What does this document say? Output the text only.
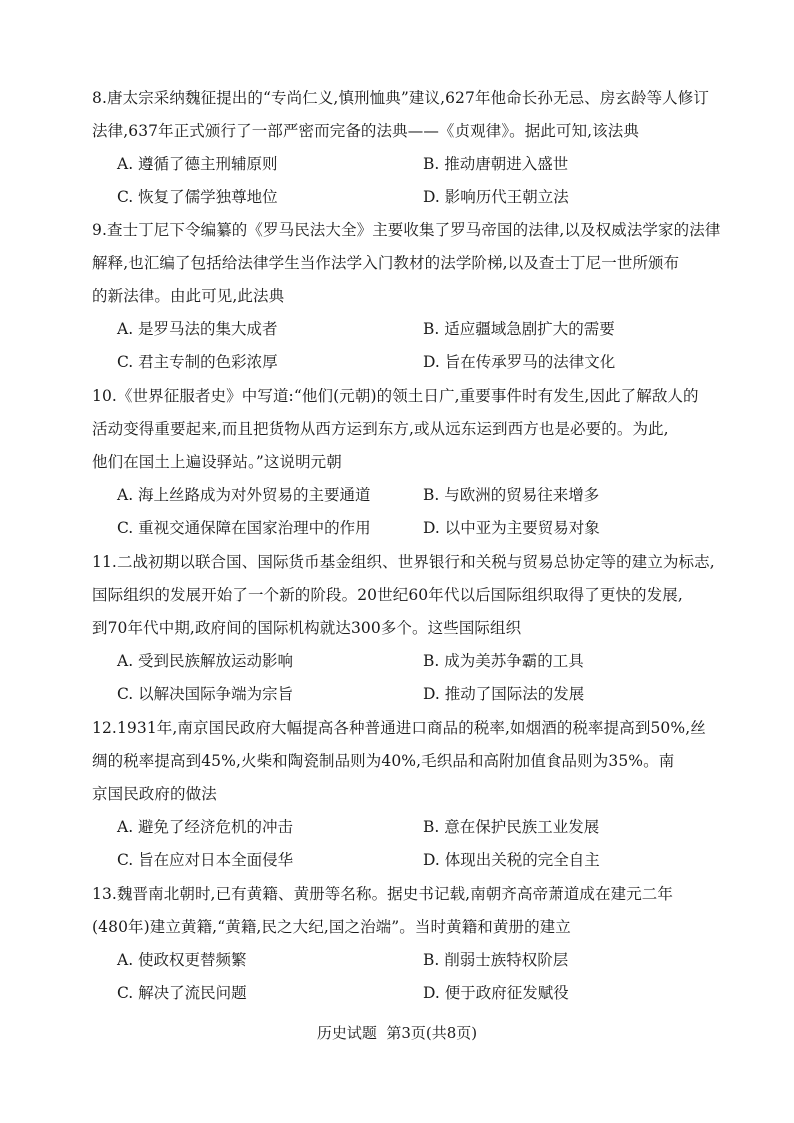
8.唐太宗采纳魏征提出的“专尚仁义,慎刑恤典”建议,627年他命长孙无忌、房玄龄等人修订
法律,637年正式颁行了一部严密而完备的法典——《贞观律》。据此可知,该法典
A. 遵循了德主刑辅原则	B. 推动唐朝进入盛世
C. 恢复了儒学独尊地位	D. 影响历代王朝立法
9.查士丁尼下令编纂的《罗马民法大全》主要收集了罗马帝国的法律,以及权威法学家的法律
解释,也汇编了包括给法律学生当作法学入门教材的法学阶梯,以及查士丁尼一世所颁布
的新法律。由此可见,此法典
A. 是罗马法的集大成者	B. 适应疆域急剧扩大的需要
C. 君主专制的色彩浓厚	D. 旨在传承罗马的法律文化
10.《世界征服者史》中写道:“他们(元朝)的领土日广,重要事件时有发生,因此了解敌人的
活动变得重要起来,而且把货物从西方运到东方,或从远东运到西方也是必要的。为此,
他们在国土上遍设驿站。”这说明元朝
A. 海上丝路成为对外贸易的主要通道	B. 与欧洲的贸易往来增多
C. 重视交通保障在国家治理中的作用	D. 以中亚为主要贸易对象
11.二战初期以联合国、国际货币基金组织、世界银行和关税与贸易总协定等的建立为标志,
国际组织的发展开始了一个新的阶段。20世纪60年代以后国际组织取得了更快的发展,
到70年代中期,政府间的国际机构就达300多个。这些国际组织
A. 受到民族解放运动影响	B. 成为美苏争霸的工具
C. 以解决国际争端为宗旨	D. 推动了国际法的发展
12.1931年,南京国民政府大幅提高各种普通进口商品的税率,如烟酒的税率提高到50%,丝
绸的税率提高到45%,火柴和陶瓷制品则为40%,毛织品和高附加值食品则为35%。南
京国民政府的做法
A. 避免了经济危机的冲击	B. 意在保护民族工业发展
C. 旨在应对日本全面侵华	D. 体现出关税的完全自主
13.魏晋南北朝时,已有黄籍、黄册等名称。据史书记载,南朝齐高帝萧道成在建元二年
(480年)建立黄籍,“黄籍,民之大纪,国之治端”。当时黄籍和黄册的建立
A. 使政权更替频繁	B. 削弱士族特权阶层
C. 解决了流民问题	D. 便于政府征发赋役
历史试题  第3页(共8页)
